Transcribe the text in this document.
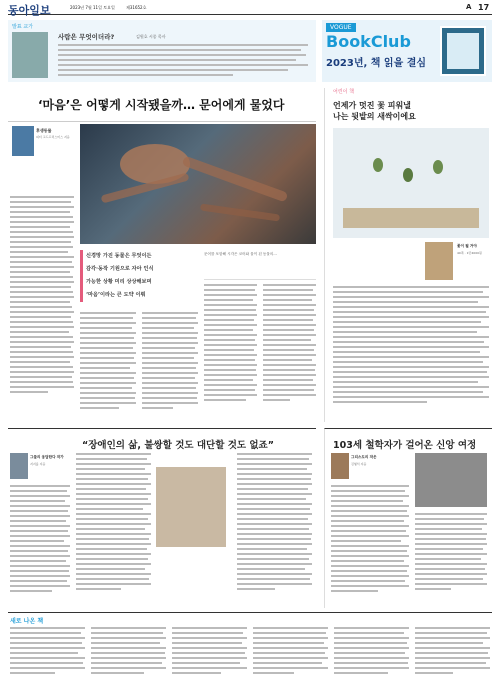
동아일보	2023년 7월 11일 토요일	제31652호	A 17
발표 교가
사람은 무엇이더라?	김원호 시종 목사
VOGUE
BookClub
2023년, 책 읽을 결심
‘마음’은 어떻게 시작됐을까… 문어에게 물었다
후생동물
피터 고드프리스미스 지음
신경망 가진 동물은 무엇이든
감각·동작 기원으로 자아 인식
가능한 상황 미리 상상해보며
‘마음’이라는 큰 도약 이뤄
문어를 포함해 시각은 코어와 물이 된 동물의...
어린이 책
언제가 멋진 꽃 피워낼
나는 뒷밭의 새싹이에요
꽃이 될 거야
40쪽 · 1만4000원
“장애인의 삶, 불쌍할 것도 대단할 것도 없죠”
그들의 응답한다 작가
지지를 지음
103세 철학자가 걸어온 신앙 여정
그리스도의 작은
김형석 지음
새로 나온 책
